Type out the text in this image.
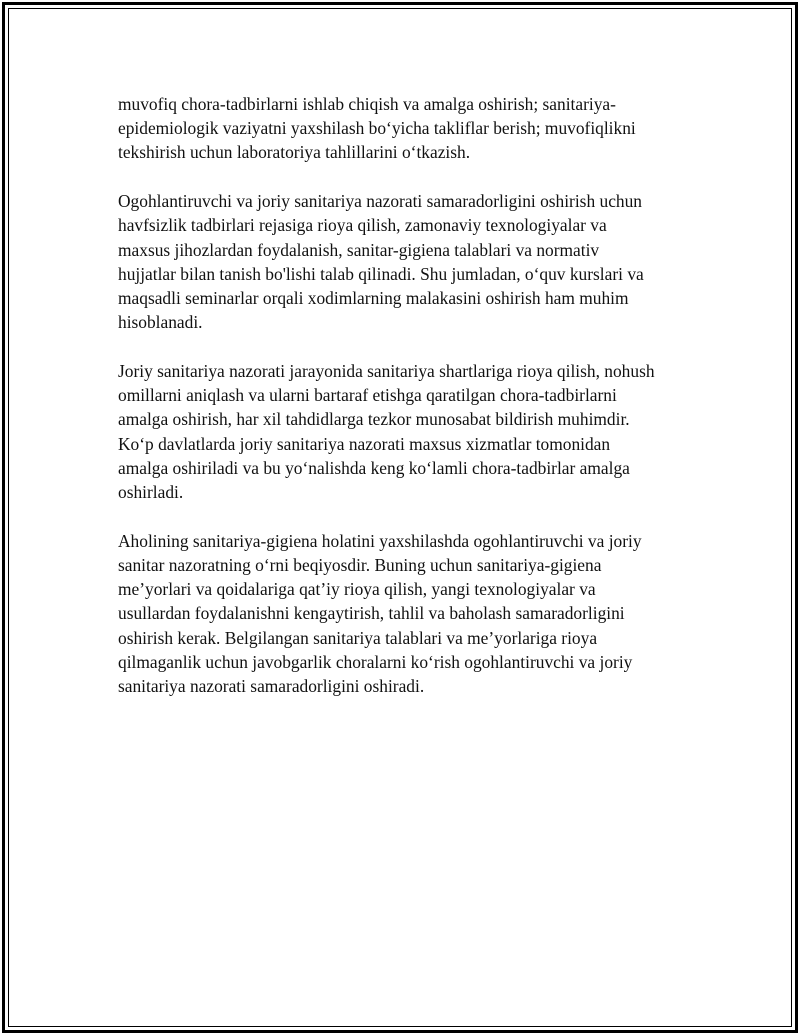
muvofiq chora-tadbirlarni ishlab chiqish va amalga oshirish; sanitariya-
epidemiologik vaziyatni yaxshilash bo‘yicha takliflar berish; muvofiqlikni
tekshirish uchun laboratoriya tahlillarini o‘tkazish.

Ogohlantiruvchi va joriy sanitariya nazorati samaradorligini oshirish uchun
havfsizlik tadbirlari rejasiga rioya qilish, zamonaviy texnologiyalar va
maxsus jihozlardan foydalanish, sanitar-gigiena talablari va normativ
hujjatlar bilan tanish bo'lishi talab qilinadi. Shu jumladan, o‘quv kurslari va
maqsadli seminarlar orqali xodimlarning malakasini oshirish ham muhim
hisoblanadi.

Joriy sanitariya nazorati jarayonida sanitariya shartlariga rioya qilish, nohush
omillarni aniqlash va ularni bartaraf etishga qaratilgan chora-tadbirlarni
amalga oshirish, har xil tahdidlarga tezkor munosabat bildirish muhimdir.
Ko‘p davlatlarda joriy sanitariya nazorati maxsus xizmatlar tomonidan
amalga oshiriladi va bu yo‘nalishda keng ko‘lamli chora-tadbirlar amalga
oshirladi.

Aholining sanitariya-gigiena holatini yaxshilashda ogohlantiruvchi va joriy
sanitar nazoratning o‘rni beqiyosdir. Buning uchun sanitariya-gigiena
me’yorlari va qoidalariga qat’iy rioya qilish, yangi texnologiyalar va
usullardan foydalanishni kengaytirish, tahlil va baholash samaradorligini
oshirish kerak. Belgilangan sanitariya talablari va me’yorlariga rioya
qilmaganlik uchun javobgarlik choralarni ko‘rish ogohlantiruvchi va joriy
sanitariya nazorati samaradorligini oshiradi.
